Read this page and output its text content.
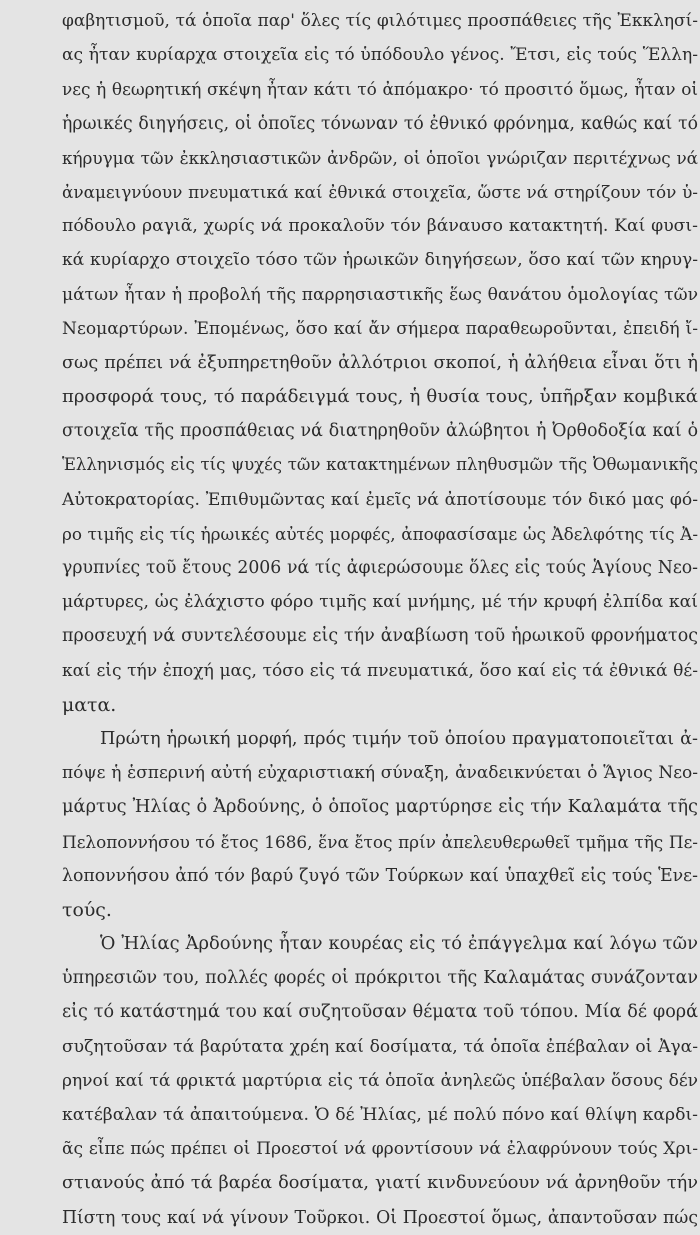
φαβητισμοῦ, τά ὁποῖα παρ' ὅλες τίς φιλότιμες προσπάθειες τῆς Ἐκκλησί-
ας ἦταν κυρίαρχα στοιχεῖα εἰς τό ὑπόδουλο γένος. Ἔτσι, εἰς τούς Ἕλλη-
νες ἡ θεωρητική σκέψη ἦταν κάτι τό ἀπόμακρο· τό προσιτό ὅμως, ἦταν οἱ
ἡρωικές διηγήσεις, οἱ ὁποῖες τόνωναν τό ἐθνικό φρόνημα, καθώς καί τό
κήρυγμα τῶν ἐκκλησιαστικῶν ἀνδρῶν, οἱ ὁποῖοι γνώριζαν περιτέχνως νά
ἀναμειγνύουν πνευματικά καί ἐθνικά στοιχεῖα, ὥστε νά στηρίζουν τόν ὑ-
πόδουλο ραγιᾶ, χωρίς νά προκαλοῦν τόν βάναυσο κατακτητή. Καί φυσι-
κά κυρίαρχο στοιχεῖο τόσο τῶν ἡρωικῶν διηγήσεων, ὅσο καί τῶν κηρυγ-
μάτων ἦταν ἡ προβολή τῆς παρρησιαστικῆς ἕως θανάτου ὁμολογίας τῶν
Νεομαρτύρων. Ἐπομένως, ὅσο καί ἄν σήμερα παραθεωροῦνται, ἐπειδή ἴ-
σως πρέπει νά ἐξυπηρετηθοῦν ἀλλότριοι σκοποί, ἡ ἀλήθεια εἶναι ὅτι ἡ
προσφορά τους, τό παράδειγμά τους, ἡ θυσία τους, ὑπῆρξαν κομβικά
στοιχεῖα τῆς προσπάθειας νά διατηρηθοῦν ἀλώβητοι ἡ Ὀρθοδοξία καί ὁ
Ἑλληνισμός εἰς τίς ψυχές τῶν κατακτημένων πληθυσμῶν τῆς Ὀθωμανικῆς
Αὐτοκρατορίας. Ἐπιθυμῶντας καί ἐμεῖς νά ἀποτίσουμε τόν δικό μας φό-
ρο τιμῆς εἰς τίς ἡρωικές αὐτές μορφές, ἀποφασίσαμε ὡς Ἀδελφότης τίς Ἀ-
γρυπνίες τοῦ ἔτους 2006 νά τίς ἀφιερώσουμε ὅλες εἰς τούς Ἁγίους Νεο-
μάρτυρες, ὡς ἐλάχιστο φόρο τιμῆς καί μνήμης, μέ τήν κρυφή ἐλπίδα καί
προσευχή νά συντελέσουμε εἰς τήν ἀναβίωση τοῦ ἡρωικοῦ φρονήματος
καί εἰς τήν ἐποχή μας, τόσο εἰς τά πνευματικά, ὅσο καί εἰς τά ἐθνικά θέ-
ματα.
Πρώτη ἡρωική μορφή, πρός τιμήν τοῦ ὁποίου πραγματοποιεῖται ἀ-
πόψε ἡ ἑσπερινή αὐτή εὐχαριστιακή σύναξη, ἀναδεικνύεται ὁ Ἅγιος Νεο-
μάρτυς Ἠλίας ὁ Ἀρδούνης, ὁ ὁποῖος μαρτύρησε εἰς τήν Καλαμάτα τῆς
Πελοποννήσου τό ἔτος 1686, ἕνα ἔτος πρίν ἀπελευθερωθεῖ τμῆμα τῆς Πε-
λοποννήσου ἀπό τόν βαρύ ζυγό τῶν Τούρκων καί ὑπαχθεῖ εἰς τούς Ἑνε-
τούς.
Ὁ Ἠλίας Ἀρδούνης ἦταν κουρέας εἰς τό ἐπάγγελμα καί λόγω τῶν
ὑπηρεσιῶν του, πολλές φορές οἱ πρόκριτοι τῆς Καλαμάτας συνάζονταν
εἰς τό κατάστημά του καί συζητοῦσαν θέματα τοῦ τόπου. Μία δέ φορά
συζητοῦσαν τά βαρύτατα χρέη καί δοσίματα, τά ὁποῖα ἐπέβαλαν οἱ Ἀγα-
ρηνοί καί τά φρικτά μαρτύρια εἰς τά ὁποῖα ἀνηλεῶς ὑπέβαλαν ὅσους δέν
κατέβαλαν τά ἀπαιτούμενα. Ὁ δέ Ἠλίας, μέ πολύ πόνο καί θλίψη καρδι-
ᾶς εἶπε πώς πρέπει οἱ Προεστοί νά φροντίσουν νά ἐλαφρύνουν τούς Χρι-
στιανούς ἀπό τά βαρέα δοσίματα, γιατί κινδυνεύουν νά ἀρνηθοῦν τήν
Πίστη τους καί νά γίνουν Τοῦρκοι. Οἱ Προεστοί ὅμως, ἀπαντοῦσαν πώς
